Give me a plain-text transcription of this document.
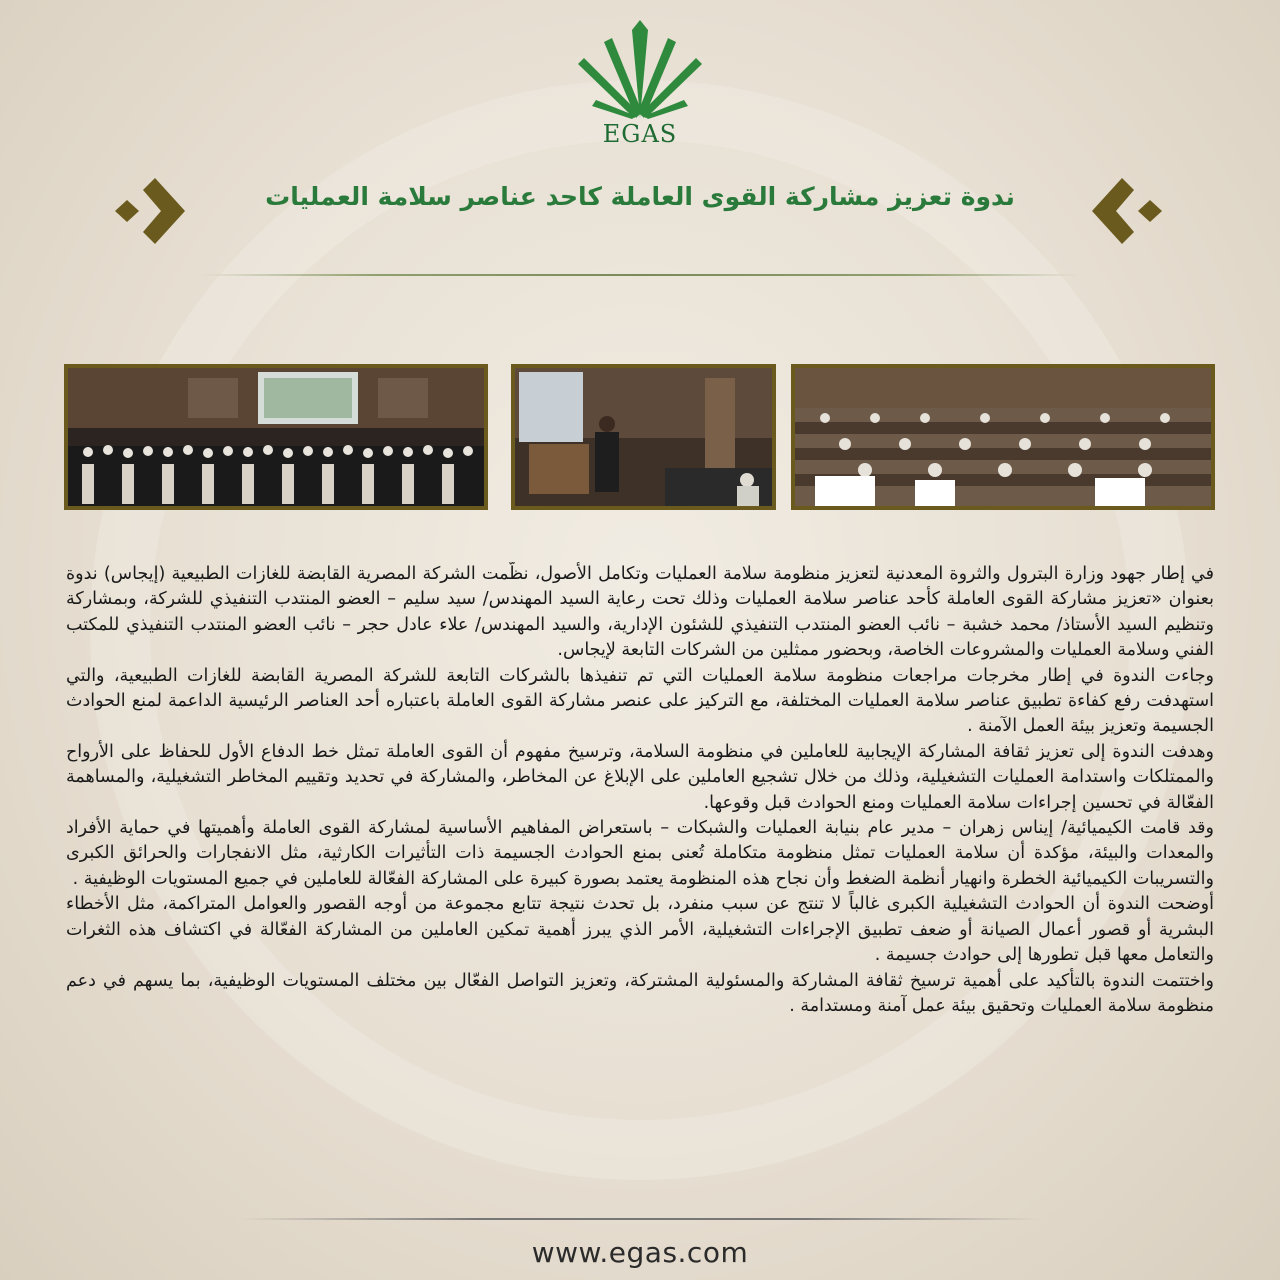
EGAS
ندوة تعزيز مشاركة القوى العاملة كاحد عناصر سلامة العمليات

في إطار جهود وزارة البترول والثروة المعدنية لتعزيز منظومة سلامة العمليات وتكامل الأصول، نظّمت الشركة المصرية القابضة للغازات الطبيعية (إيجاس) ندوة بعنوان «تعزيز مشاركة القوى العاملة كأحد عناصر سلامة العمليات وذلك تحت رعاية السيد المهندس/ سيد سليم – العضو المنتدب التنفيذي للشركة، وبمشاركة وتنظيم السيد الأستاذ/ محمد خشبة – نائب العضو المنتدب التنفيذي للشئون الإدارية، والسيد المهندس/ علاء عادل حجر – نائب العضو المنتدب التنفيذي للمكتب الفني وسلامة العمليات والمشروعات الخاصة، وبحضور ممثلين من الشركات التابعة لإيجاس.

وجاءت الندوة في إطار مخرجات مراجعات منظومة سلامة العمليات التي تم تنفيذها بالشركات التابعة للشركة المصرية القابضة للغازات الطبيعية، والتي استهدفت رفع كفاءة تطبيق عناصر سلامة العمليات المختلفة، مع التركيز على عنصر مشاركة القوى العاملة باعتباره أحد العناصر الرئيسية الداعمة لمنع الحوادث الجسيمة وتعزيز بيئة العمل الآمنة .

وهدفت الندوة إلى تعزيز ثقافة المشاركة الإيجابية للعاملين في منظومة السلامة، وترسيخ مفهوم أن القوى العاملة تمثل خط الدفاع الأول للحفاظ على الأرواح والممتلكات واستدامة العمليات التشغيلية، وذلك من خلال تشجيع العاملين على الإبلاغ عن المخاطر، والمشاركة في تحديد وتقييم المخاطر التشغيلية، والمساهمة الفعّالة في تحسين إجراءات سلامة العمليات ومنع الحوادث قبل وقوعها.

وقد قامت الكيميائية/ إيناس زهران – مدير عام بنيابة العمليات والشبكات – باستعراض المفاهيم الأساسية لمشاركة القوى العاملة وأهميتها في حماية الأفراد والمعدات والبيئة، مؤكدة أن سلامة العمليات تمثل منظومة متكاملة تُعنى بمنع الحوادث الجسيمة ذات التأثيرات الكارثية، مثل الانفجارات والحرائق الكبرى والتسريبات الكيميائية الخطرة وانهيار أنظمة الضغط وأن نجاح هذه المنظومة يعتمد بصورة كبيرة على المشاركة الفعّالة للعاملين في جميع المستويات الوظيفية .

أوضحت الندوة أن الحوادث التشغيلية الكبرى غالباً لا تنتج عن سبب منفرد، بل تحدث نتيجة تتابع مجموعة من أوجه القصور والعوامل المتراكمة، مثل الأخطاء البشرية أو قصور أعمال الصيانة أو ضعف تطبيق الإجراءات التشغيلية، الأمر الذي يبرز أهمية تمكين العاملين من المشاركة الفعّالة في اكتشاف هذه الثغرات والتعامل معها قبل تطورها إلى حوادث جسيمة .

واختتمت الندوة بالتأكيد على أهمية ترسيخ ثقافة المشاركة والمسئولية المشتركة، وتعزيز التواصل الفعّال بين مختلف المستويات الوظيفية، بما يسهم في دعم منظومة سلامة العمليات وتحقيق بيئة عمل آمنة ومستدامة .

www.egas.com
